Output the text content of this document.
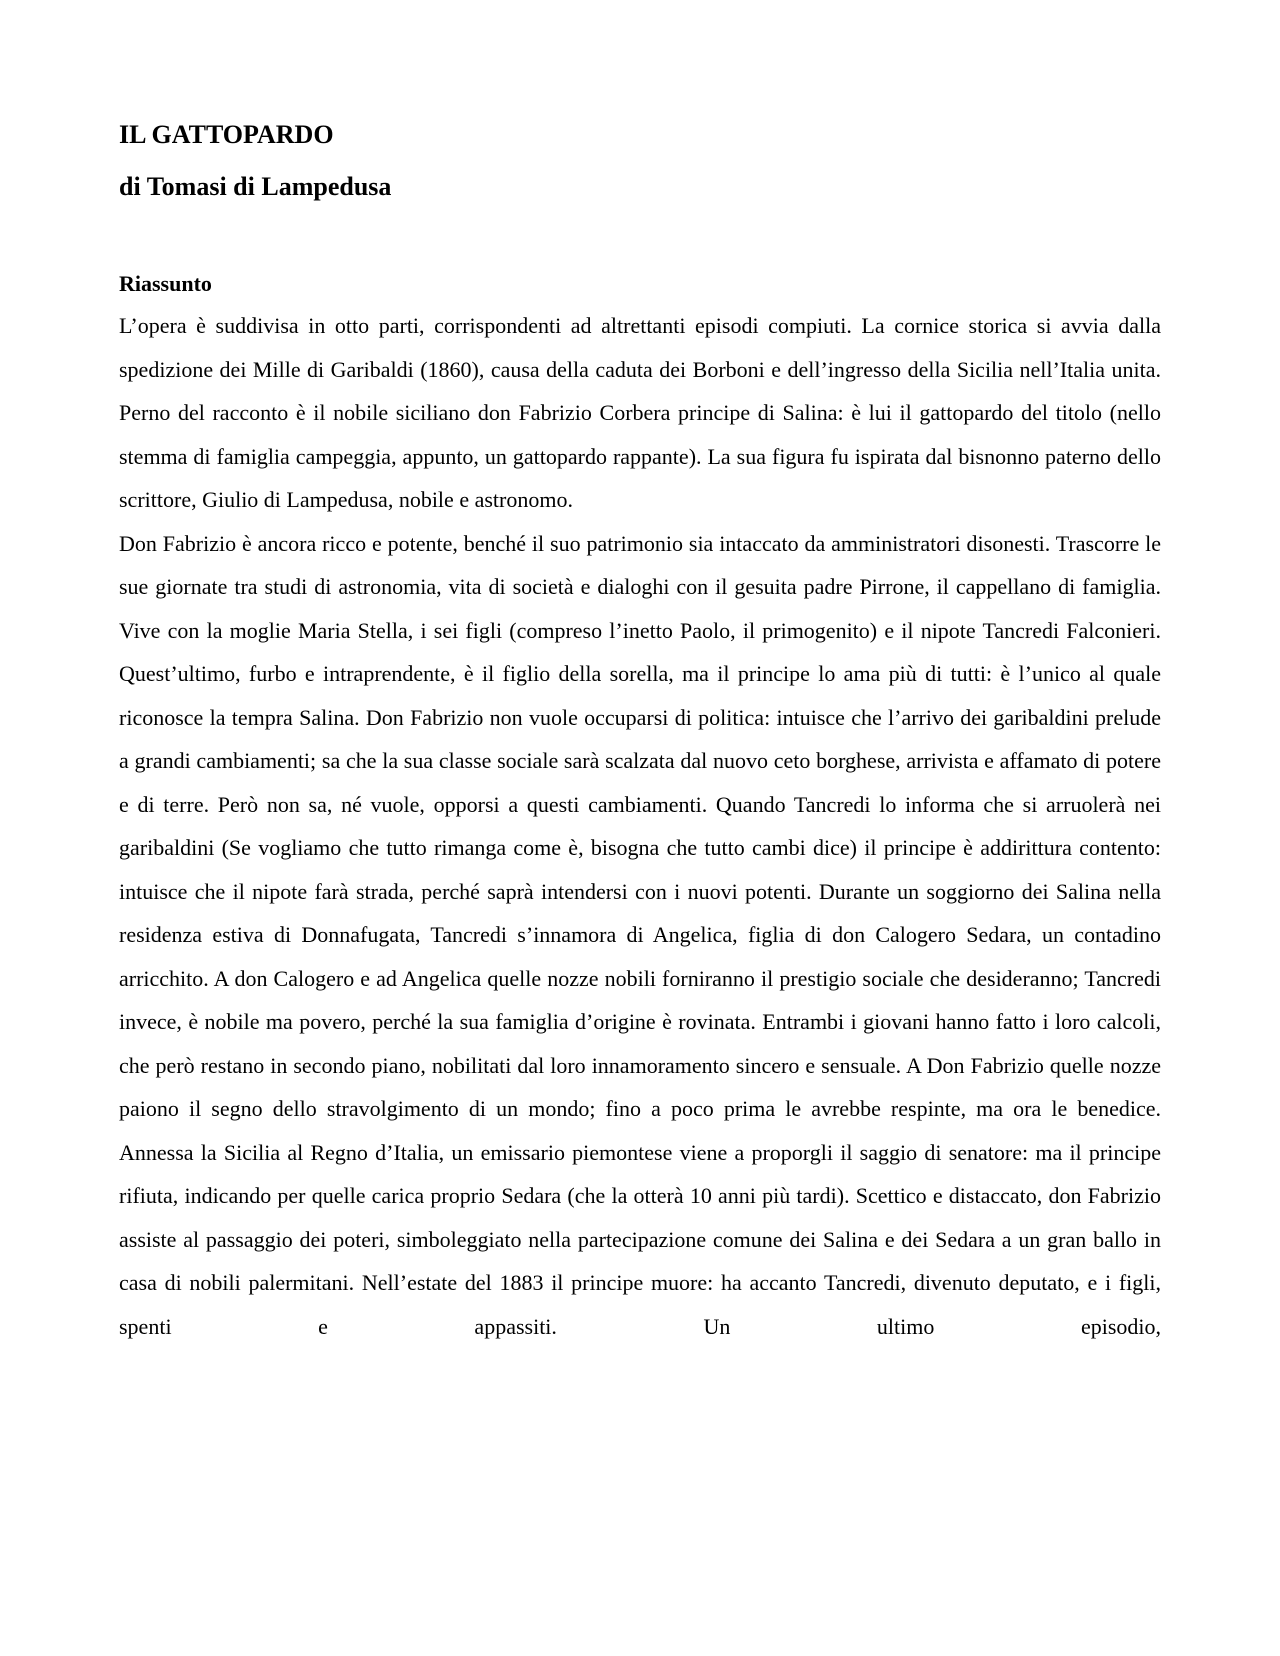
IL GATTOPARDO
di Tomasi di Lampedusa
Riassunto

L’opera è suddivisa in otto parti, corrispondenti ad altrettanti episodi compiuti. La cornice storica si avvia dalla spedizione dei Mille di Garibaldi (1860), causa della caduta dei Borboni e dell’ingresso della Sicilia nell’Italia unita. Perno del racconto è il nobile siciliano don Fabrizio Corbera principe di Salina: è lui il gattopardo del titolo (nello stemma di famiglia campeggia, appunto, un gattopardo rappante). La sua figura fu ispirata dal bisnonno paterno dello scrittore, Giulio di Lampedusa, nobile e astronomo.

Don Fabrizio è ancora ricco e potente, benché il suo patrimonio sia intaccato da amministratori disonesti. Trascorre le sue giornate tra studi di astronomia, vita di società e dialoghi con il gesuita padre Pirrone, il cappellano di famiglia. Vive con la moglie Maria Stella, i sei figli (compreso l’inetto Paolo, il primogenito) e il nipote Tancredi Falconieri. Quest’ultimo, furbo e intraprendente, è il figlio della sorella, ma il principe lo ama più di tutti: è l’unico al quale riconosce la tempra Salina. Don Fabrizio non vuole occuparsi di politica: intuisce che l’arrivo dei garibaldini prelude a grandi cambiamenti; sa che la sua classe sociale sarà scalzata dal nuovo ceto borghese, arrivista e affamato di potere e di terre. Però non sa, né vuole, opporsi a questi cambiamenti. Quando Tancredi lo informa che si arruolerà nei garibaldini (Se vogliamo che tutto rimanga come è, bisogna che tutto cambi dice) il principe è addirittura contento: intuisce che il nipote farà strada, perché saprà intendersi con i nuovi potenti. Durante un soggiorno dei Salina nella residenza estiva di Donnafugata, Tancredi s’innamora di Angelica, figlia di don Calogero Sedara, un contadino arricchito. A don Calogero e ad Angelica quelle nozze nobili forniranno il prestigio sociale che desideranno; Tancredi invece, è nobile ma povero, perché la sua famiglia d’origine è rovinata. Entrambi i giovani hanno fatto i loro calcoli, che però restano in secondo piano, nobilitati dal loro innamoramento sincero e sensuale. A Don Fabrizio quelle nozze paiono il segno dello stravolgimento di un mondo; fino a poco prima le avrebbe respinte, ma ora le benedice.

Annessa la Sicilia al Regno d’Italia, un emissario piemontese viene a proporgli il saggio di senatore: ma il principe rifiuta, indicando per quelle carica proprio Sedara (che la otterà 10 anni più tardi). Scettico e distaccato, don Fabrizio assiste al passaggio dei poteri, simboleggiato nella partecipazione comune dei Salina e dei Sedara a un gran ballo in casa di nobili palermitani. Nell’estate del 1883 il principe muore: ha accanto Tancredi, divenuto deputato, e i figli, spenti e appassiti. Un ultimo episodio,
